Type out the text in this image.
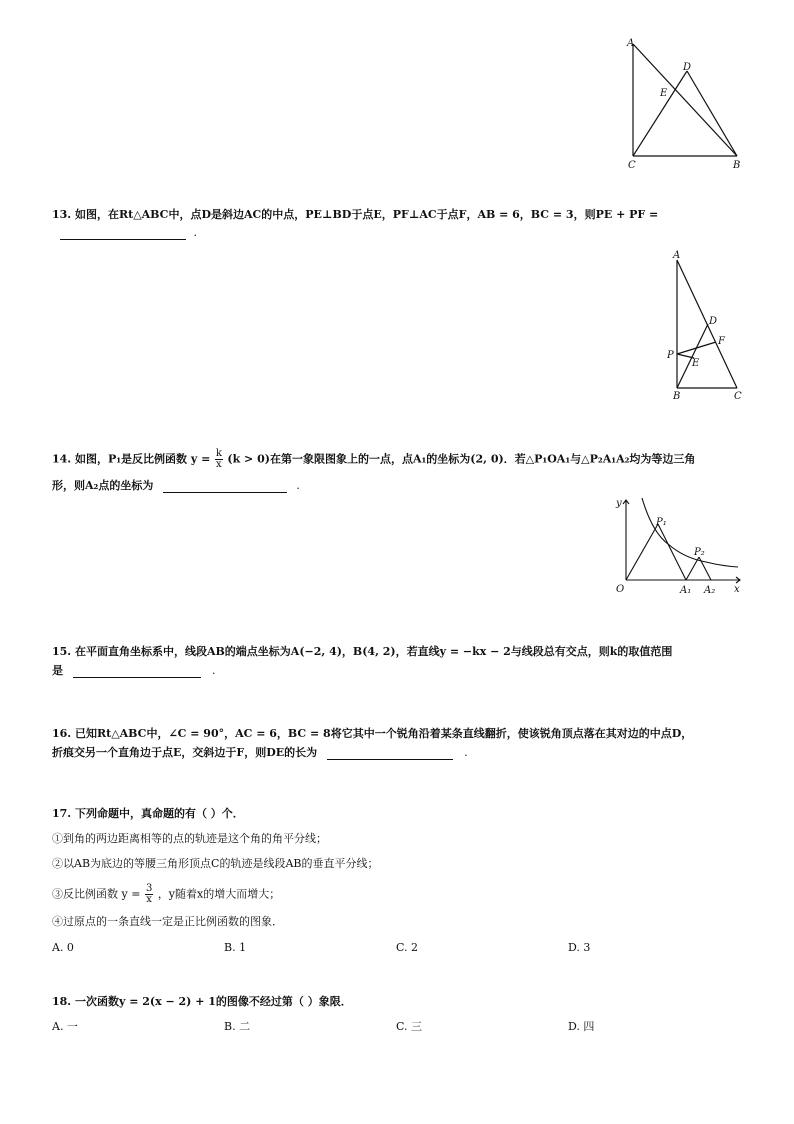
A
D
E
C	B
13. 如图，在Rt△ABC中，点D是斜边AC的中点，PE⊥BD于点E，PF⊥AC于点F，AB = 6，BC = 3，则PE + PF =
.
A
D
F
P
E
B	C
14. 如图，P₁是反比例函数 $y = \frac{k}{x} (k > 0)$在第一象限图象上的一点，点A₁的坐标为(2, 0)．若△P₁OA₁与△P₂A₁A₂均为等边三角
形，则A₂点的坐标为	.
y
x
O
P₁
P₂
A₁ A₂
15. 在平面直角坐标系中，线段AB的端点坐标为A(−2, 4)，B(4, 2)，若直线y = −kx − 2与线段总有交点，则k的取值范围
是	.
16. 已知Rt△ABC中，∠C = 90°，AC = 6，BC = 8将它其中一个锐角沿着某条直线翻折，使该锐角顶点落在其对边的中点D，
折痕交另一个直角边于点E，交斜边于F，则DE的长为	.
17. 下列命题中，真命题的有（ ）个．
①到角的两边距离相等的点的轨迹是这个角的角平分线；
②以AB为底边的等腰三角形顶点C的轨迹是线段AB的垂直平分线；
③反比例函数 $y = \frac{3}{x}$ ，y随着x的增大而增大；
④过原点的一条直线一定是正比例函数的图象．
A. 0	B. 1	C. 2	D. 3
18. 一次函数y = 2(x − 2) + 1的图像不经过第（ ）象限．
A. 一	B. 二	C. 三	D. 四
